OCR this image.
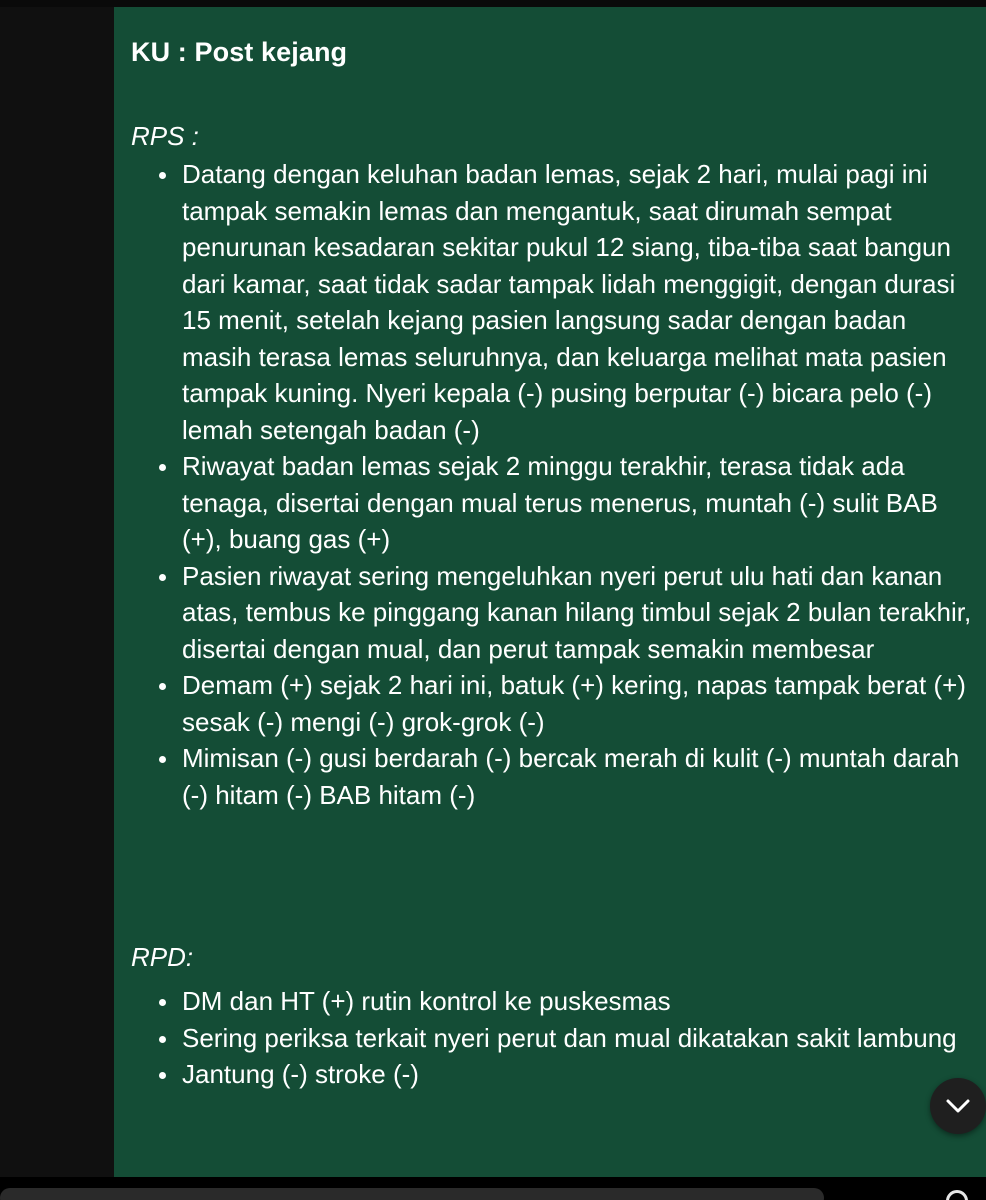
KU : Post kejang
RPS :
Datang dengan keluhan badan lemas, sejak 2 hari, mulai pagi ini tampak semakin lemas dan mengantuk, saat dirumah sempat penurunan kesadaran sekitar pukul 12 siang, tiba-tiba saat bangun dari kamar, saat tidak sadar tampak lidah menggigit, dengan durasi 15 menit, setelah kejang pasien langsung sadar dengan badan masih terasa lemas seluruhnya, dan keluarga melihat mata pasien tampak kuning. Nyeri kepala (-) pusing berputar (-) bicara pelo (-) lemah setengah badan (-)
Riwayat badan lemas sejak 2 minggu terakhir, terasa tidak ada tenaga, disertai dengan mual terus menerus, muntah (-) sulit BAB (+), buang gas (+)
Pasien riwayat sering mengeluhkan nyeri perut ulu hati dan kanan atas, tembus ke pinggang kanan hilang timbul sejak 2 bulan terakhir, disertai dengan mual, dan perut tampak semakin membesar
Demam (+) sejak 2 hari ini, batuk (+) kering, napas tampak berat (+) sesak (-) mengi (-) grok-grok (-)
Mimisan (-) gusi berdarah (-) bercak merah di kulit (-) muntah darah (-) hitam (-) BAB hitam (-)
RPD:
DM dan HT (+) rutin kontrol ke puskesmas
Sering periksa terkait nyeri perut dan mual dikatakan sakit lambung
Jantung (-) stroke (-)
